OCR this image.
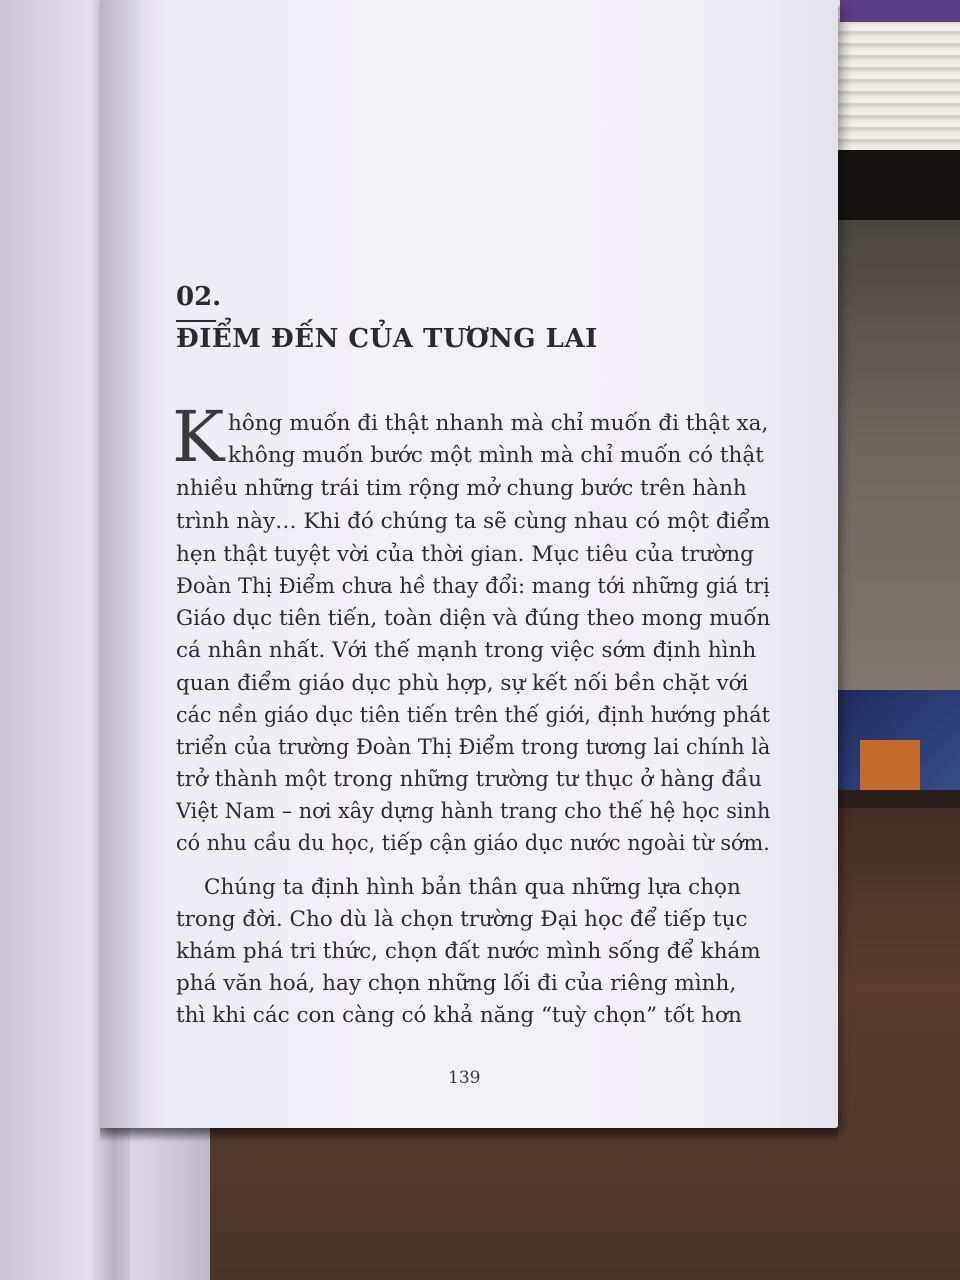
02.

ĐIỂM ĐẾN CỦA TƯƠNG LAI

K hông muốn đi thật nhanh mà chỉ muốn đi thật xa,

không muốn bước một mình mà chỉ muốn có thật

nhiều những trái tim rộng mở chung bước trên hành

trình này… Khi đó chúng ta sẽ cùng nhau có một điểm

hẹn thật tuyệt vời của thời gian. Mục tiêu của trường

Đoàn Thị Điểm chưa hề thay đổi: mang tới những giá trị

Giáo dục tiên tiến, toàn diện và đúng theo mong muốn

cá nhân nhất. Với thế mạnh trong việc sớm định hình

quan điểm giáo dục phù hợp, sự kết nối bền chặt với

các nền giáo dục tiên tiến trên thế giới, định hướng phát

triển của trường Đoàn Thị Điểm trong tương lai chính là

trở thành một trong những trường tư thục ở hàng đầu

Việt Nam – nơi xây dựng hành trang cho thế hệ học sinh

có nhu cầu du học, tiếp cận giáo dục nước ngoài từ sớm.

Chúng ta định hình bản thân qua những lựa chọn

trong đời. Cho dù là chọn trường Đại học để tiếp tục

khám phá tri thức, chọn đất nước mình sống để khám

phá văn hoá, hay chọn những lối đi của riêng mình,

thì khi các con càng có khả năng “tuỳ chọn” tốt hơn

139
